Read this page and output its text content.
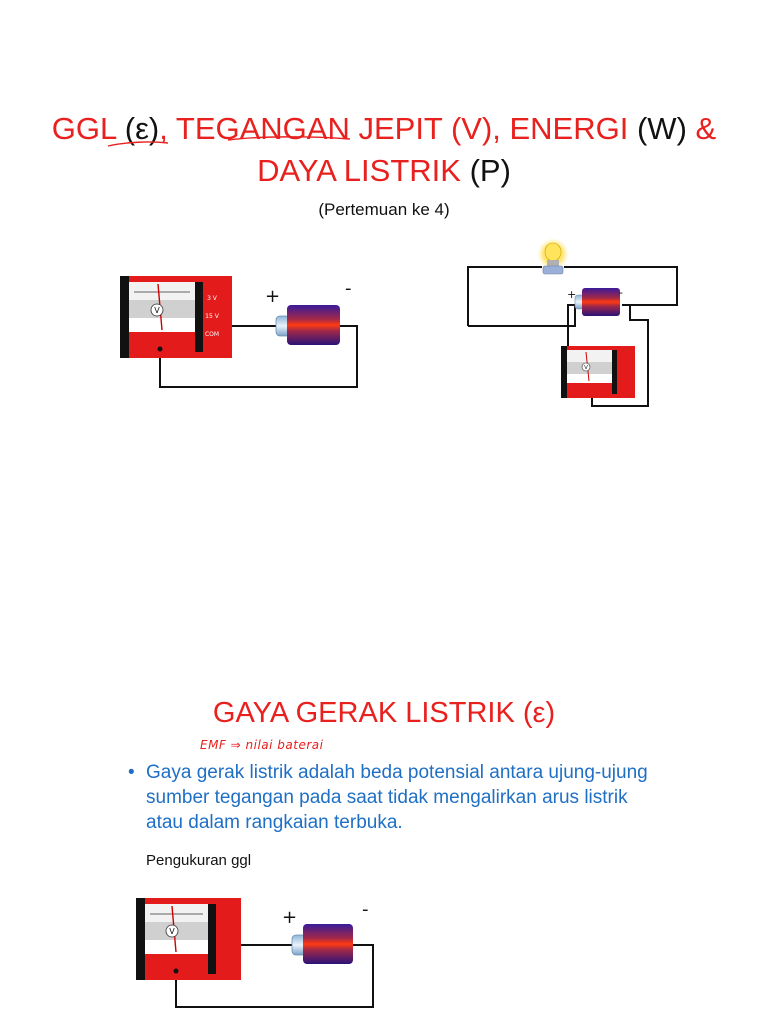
GGL (ε), TEGANGAN JEPIT (V), ENERGI (W) &
DAYA LISTRIK (P)
(Pertemuan ke 4)
V
3 V
15 V
COM
+	-	+	-
V
GAYA GERAK LISTRIK (ε)
EMF ⇒ nilai baterai
• Gaya gerak listrik adalah beda potensial antara ujung-ujung sumber tegangan pada saat tidak mengalirkan arus listrik atau dalam rangkaian terbuka.
Pengukuran ggl
V
+	-
